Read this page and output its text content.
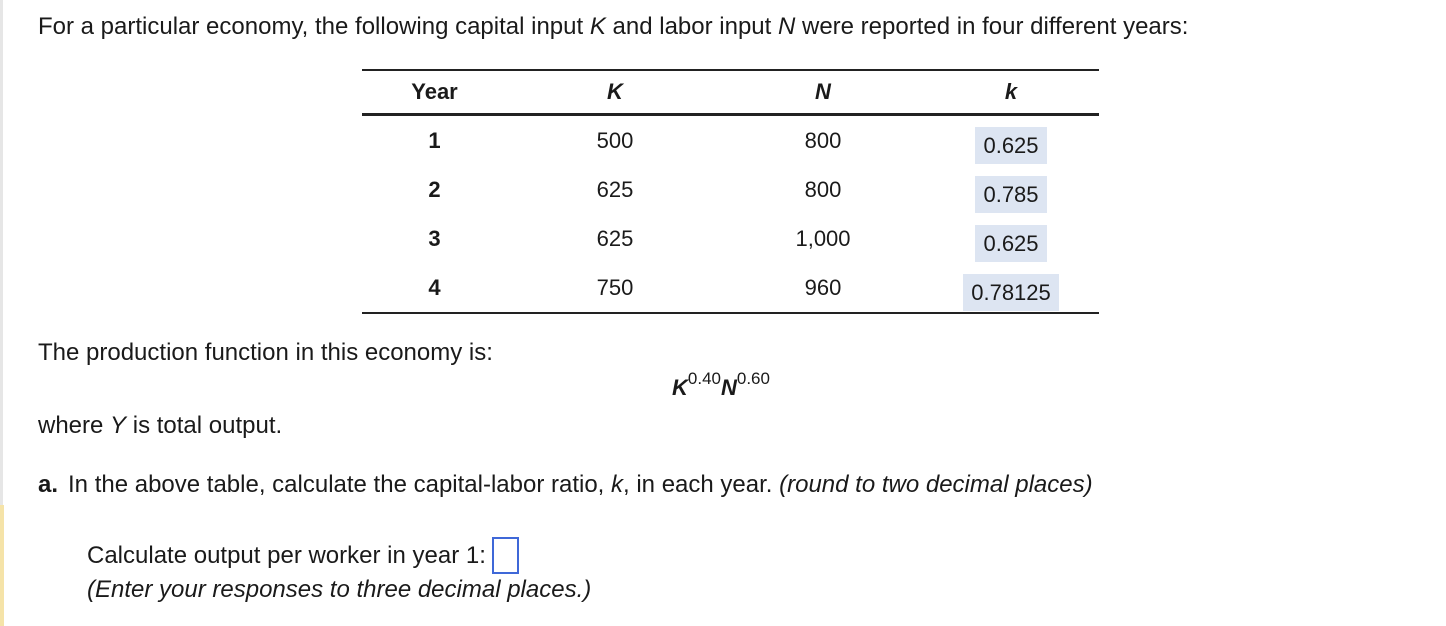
For a particular economy, the following capital input K and labor input N were reported in four different years:
Year	K	N	k
1	500	800	0.625
2	625	800	0.785
3	625	1,000	0.625
4	750	960	0.78125
The production function in this economy is:
$K^{0.40}N^{0.60}$
where Y is total output.
a. In the above table, calculate the capital-labor ratio, k, in each year. (round to two decimal places)
Calculate output per worker in year 1:
(Enter your responses to three decimal places.)
